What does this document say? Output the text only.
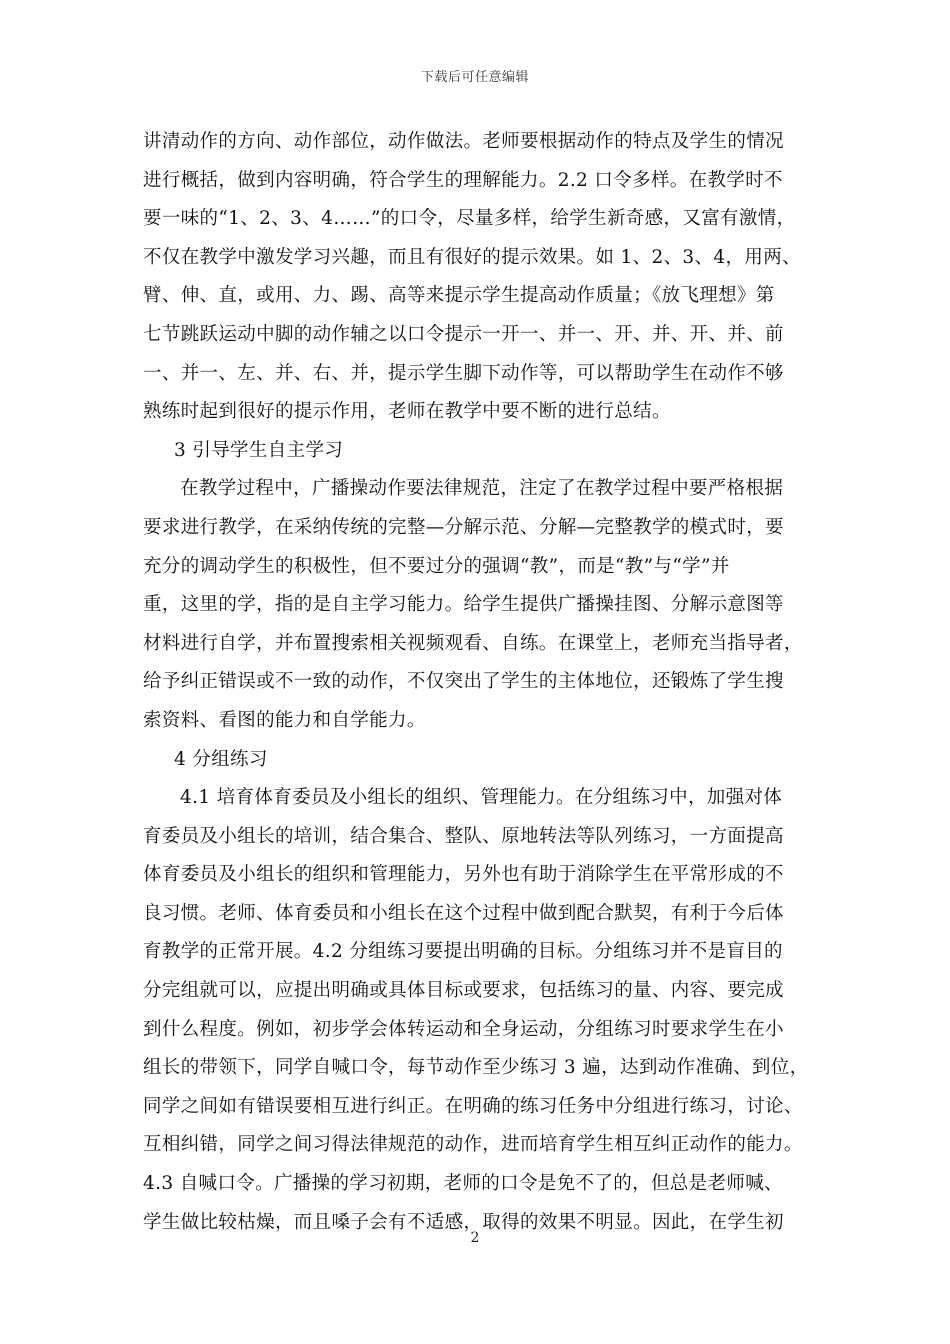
下载后可任意编辑
讲清动作的方向、动作部位，动作做法。老师要根据动作的特点及学生的情况
进行概括，做到内容明确，符合学生的理解能力。2.2 口令多样。在教学时不
要一味的“1、2、3、4……”的口令，尽量多样，给学生新奇感，又富有激情，
不仅在教学中激发学习兴趣，而且有很好的提示效果。如 1、2、3、4，用两、
臂、伸、直，或用、力、踢、高等来提示学生提高动作质量；《放飞理想》第
七节跳跃运动中脚的动作辅之以口令提示一开一、并一、开、并、开、并、前
一、并一、左、并、右、并，提示学生脚下动作等，可以帮助学生在动作不够
熟练时起到很好的提示作用，老师在教学中要不断的进行总结。
3 引导学生自主学习
在教学过程中，广播操动作要法律规范，注定了在教学过程中要严格根据
要求进行教学，在采纳传统的完整—分解示范、分解—完整教学的模式时，要
充分的调动学生的积极性，但不要过分的强调“教”，而是“教”与“学”并
重，这里的学，指的是自主学习能力。给学生提供广播操挂图、分解示意图等
材料进行自学，并布置搜索相关视频观看、自练。在课堂上，老师充当指导者，
给予纠正错误或不一致的动作，不仅突出了学生的主体地位，还锻炼了学生搜
索资料、看图的能力和自学能力。
4 分组练习
4.1 培育体育委员及小组长的组织、管理能力。在分组练习中，加强对体
育委员及小组长的培训，结合集合、整队、原地转法等队列练习，一方面提高
体育委员及小组长的组织和管理能力，另外也有助于消除学生在平常形成的不
良习惯。老师、体育委员和小组长在这个过程中做到配合默契，有利于今后体
育教学的正常开展。4.2 分组练习要提出明确的目标。分组练习并不是盲目的
分完组就可以，应提出明确或具体目标或要求，包括练习的量、内容、要完成
到什么程度。例如，初步学会体转运动和全身运动，分组练习时要求学生在小
组长的带领下，同学自喊口令，每节动作至少练习 3 遍，达到动作准确、到位，
同学之间如有错误要相互进行纠正。在明确的练习任务中分组进行练习，讨论、
互相纠错，同学之间习得法律规范的动作，进而培育学生相互纠正动作的能力。
4.3 自喊口令。广播操的学习初期，老师的口令是免不了的，但总是老师喊、
学生做比较枯燥，而且嗓子会有不适感，取得的效果不明显。因此，在学生初
2
